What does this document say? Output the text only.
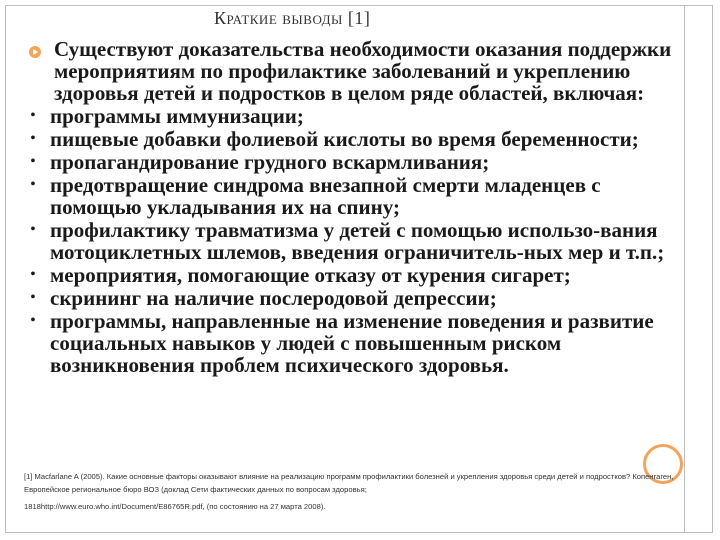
Краткие выводы [1]
Существуют доказательства необходимости оказания поддержки мероприятиям по профилактике заболеваний и укреплению здоровья детей и подростков в целом ряде областей, включая:
• программы иммунизации;
• пищевые добавки фолиевой кислоты во время беременности;
• пропагандирование грудного вскармливания;
• предотвращение синдрома внезапной смерти младенцев с помощью укладывания их на спину;
• профилактику травматизма у детей с помощью использо-вания мотоциклетных шлемов, введения ограничитель-ных мер и т.п.;
• мероприятия, помогающие отказу от курения сигарет;
• скрининг на наличие послеродовой депрессии;
• программы, направленные на изменение поведения и развитие социальных навыков у людей с повышенным риском возникновения проблем психического здоровья.
[1] Macfarlane A (2005). Какие основные факторы оказывают влияние на реализацию программ профилактики болезней и укрепления здоровья среди детей и подростков? Копенгаген, Европейское региональное бюро ВОЗ (доклад Сети фактических данных по вопросам здоровья;
1818http://www.euro.who.int/Document/E86765R.pdf, (по состоянию на 27 марта 2008).
